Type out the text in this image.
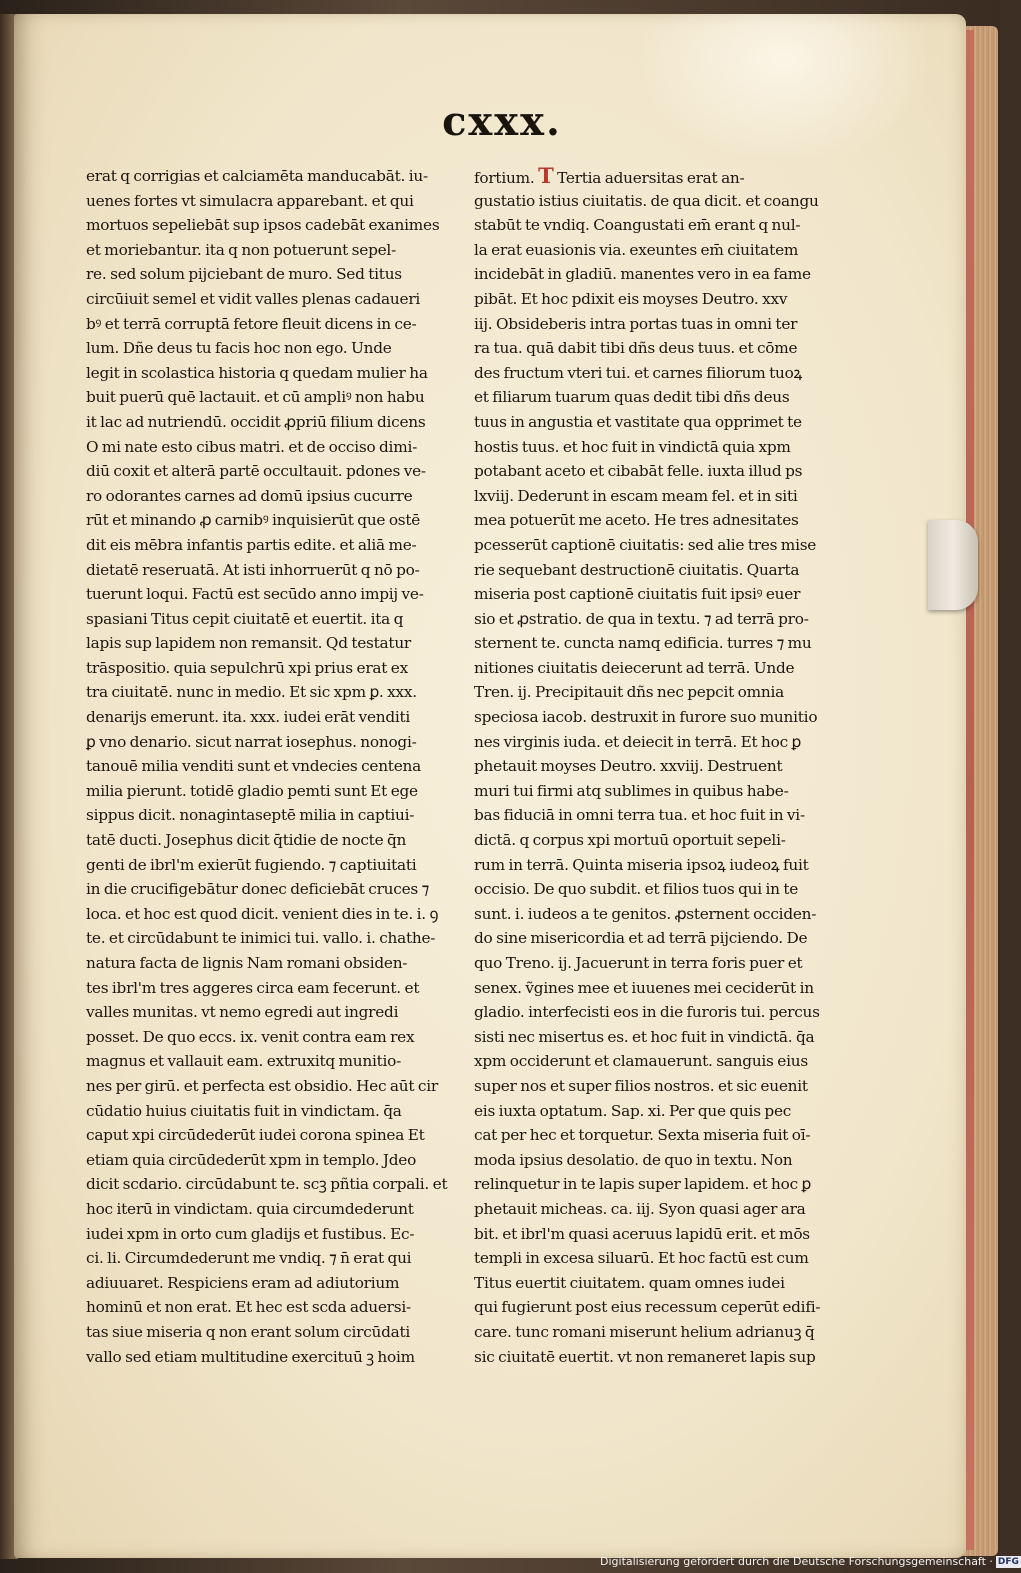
cxxx.
erat q corrigias et calciamēta manducabāt. iu-
uenes fortes vt simulacra apparebant. et qui
mortuos sepeliebāt sup ipsos cadebāt exanimes
et moriebantur. ita q non potuerunt sepel-
re. sed solum pijciebant de muro. Sed titus
circūiuit semel et vidit valles plenas cadaueri
bꝰ et terrā corruptā fetore fleuit dicens in ce-
lum. Dñe deus tu facis hoc non ego. Unde
legit in scolastica historia q quedam mulier ha
buit puerū quē lactauit. et cū ampliꝰ non habu
it lac ad nutriendū. occidit ꝓpriū filium dicens
O mi nate esto cibus matri. et de occiso dimi-
diū coxit et alterā partē occultauit. pdones ve-
ro odorantes carnes ad domū ipsius cucurre
rūt et minando ꝓ carnibꝰ inquisierūt que ostē
dit eis mēbra infantis partis edite. et aliā me-
dietatē reseruatā. At isti inhorruerūt q nō po-
tuerunt loqui. Factū est secūdo anno impij ve-
spasiani Titus cepit ciuitatē et euertit. ita q
lapis sup lapidem non remansit. Qd testatur
trāspositio. quia sepulchrū xpi prius erat ex
tra ciuitatē. nunc in medio. Et sic xpm ꝑ. xxx.
denarijs emerunt. ita. xxx. iudei erāt venditi
ꝑ vno denario. sicut narrat iosephus. nonogi-
tanouē milia venditi sunt et vndecies centena
milia pierunt. totidē gladio pemti sunt Et ege
sippus dicit. nonagintaseptē milia in captiui-
tatē ducti. Josephus dicit q̄tidie de nocte q̄n
genti de ibrl'm exierūt fugiendo. ⁊ captiuitati
in die crucifigebātur donec deficiebāt cruces ⁊
loca. et hoc est quod dicit. venient dies in te. i. ꝯ
te. et circūdabunt te inimici tui. vallo. i. chathe-
natura facta de lignis Nam romani obsiden-
tes ibrl'm tres aggeres circa eam fecerunt. et
valles munitas. vt nemo egredi aut ingredi
posset. De quo eccs. ix. venit contra eam rex
magnus et vallauit eam. extruxitq munitio-
nes per girū. et perfecta est obsidio. Hec aūt cir
cūdatio huius ciuitatis fuit in vindictam. q̄a
caput xpi circūdederūt iudei corona spinea Et
etiam quia circūdederūt xpm in templo. Jdeo
dicit scdario. circūdabunt te. scꝫ pñtia corpali. et
hoc iterū in vindictam. quia circumdederunt
iudei xpm in orto cum gladijs et fustibus. Ec-
ci. li. Circumdederunt me vndiq. ⁊ n̄ erat qui
adiuuaret. Respiciens eram ad adiutorium
hominū et non erat. Et hec est scda aduersi-
tas siue miseria q non erant solum circūdati
vallo sed etiam multitudine exercituū ꝫ hoim
fortium. T Tertia aduersitas erat an-
gustatio istius ciuitatis. de qua dicit. et coangu
stabūt te vndiq. Coangustati em̄ erant q nul-
la erat euasionis via. exeuntes em̄ ciuitatem
incidebāt in gladiū. manentes vero in ea fame
pibāt. Et hoc pdixit eis moyses Deutro. xxv
iij. Obsideberis intra portas tuas in omni ter
ra tua. quā dabit tibi dñs deus tuus. et cōme
des fructum vteri tui. et carnes filiorum tuoꝝ
et filiarum tuarum quas dedit tibi dñs deus
tuus in angustia et vastitate qua opprimet te
hostis tuus. et hoc fuit in vindictā quia xpm
potabant aceto et cibabāt felle. iuxta illud ps
lxviij. Dederunt in escam meam fel. et in siti
mea potuerūt me aceto. He tres adnesitates
pcesserūt captionē ciuitatis: sed alie tres mise
rie sequebant destructionē ciuitatis. Quarta
miseria post captionē ciuitatis fuit ipsiꝰ euer
sio et ꝓstratio. de qua in textu. ⁊ ad terrā pro-
sternent te. cuncta namq edificia. turres ⁊ mu
nitiones ciuitatis deiecerunt ad terrā. Unde
Tren. ij. Precipitauit dñs nec pepcit omnia
speciosa iacob. destruxit in furore suo munitio
nes virginis iuda. et deiecit in terrā. Et hoc ꝑ
phetauit moyses Deutro. xxviij. Destruent
muri tui firmi atq sublimes in quibus habe-
bas fiduciā in omni terra tua. et hoc fuit in vi-
dictā. q corpus xpi mortuū oportuit sepeli-
rum in terrā. Quinta miseria ipsoꝝ iudeoꝝ fuit
occisio. De quo subdit. et filios tuos qui in te
sunt. i. iudeos a te genitos. ꝓsternent occiden-
do sine misericordia et ad terrā pijciendo. De
quo Treno. ij. Jacuerunt in terra foris puer et
senex. ṽgines mee et iuuenes mei ceciderūt in
gladio. interfecisti eos in die furoris tui. percus
sisti nec misertus es. et hoc fuit in vindictā. q̄a
xpm occiderunt et clamauerunt. sanguis eius
super nos et super filios nostros. et sic euenit
eis iuxta optatum. Sap. xi. Per que quis pec
cat per hec et torquetur. Sexta miseria fuit oī-
moda ipsius desolatio. de quo in textu. Non
relinquetur in te lapis super lapidem. et hoc ꝑ
phetauit micheas. ca. iij. Syon quasi ager ara
bit. et ibrl'm quasi aceruus lapidū erit. et mōs
templi in excesa siluarū. Et hoc factū est cum
Titus euertit ciuitatem. quam omnes iudei
qui fugierunt post eius recessum ceperūt edifi-
care. tunc romani miserunt helium adrianuꝫ q̄
sic ciuitatē euertit. vt non remaneret lapis sup
Digitalisierung gefördert durch die Deutsche Forschungsgemeinschaft · DFG
